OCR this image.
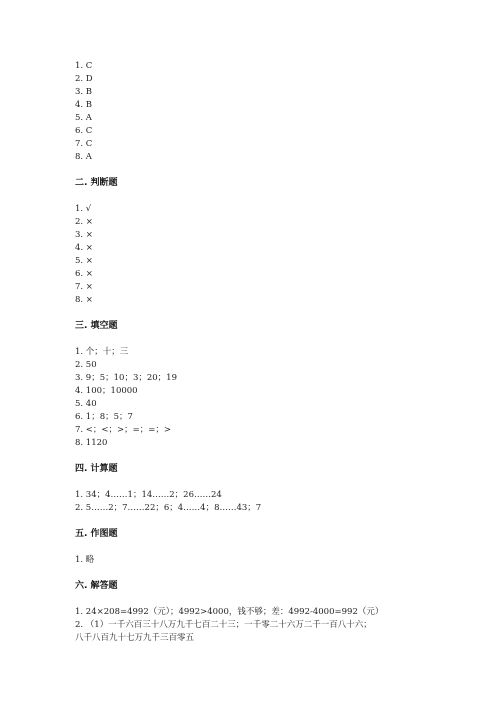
1. C
2. D
3. B
4. B
5. A
6. C
7. C
8. A
二. 判断题
1. √
2. ×
3. ×
4. ×
5. ×
6. ×
7. ×
8. ×
三. 填空题
1. 个；十；三
2. 50
3. 9；5；10；3；20；19
4. 100；10000
5. 40
6. 1；8；5；7
7. <；<；>；=；=；>
8. 1120
四. 计算题
1. 34；4……1；14……2；26……24
2. 5……2；7……22；6；4……4；8……43；7
五. 作图题
1. 略
六. 解答题
1. 24×208=4992（元）；4992>4000，钱不够；差：4992-4000=992（元）
2. （1）一千六百三十八万九千七百二十三；一千零二十六万二千一百八十六；
八千八百九十七万九千三百零五
